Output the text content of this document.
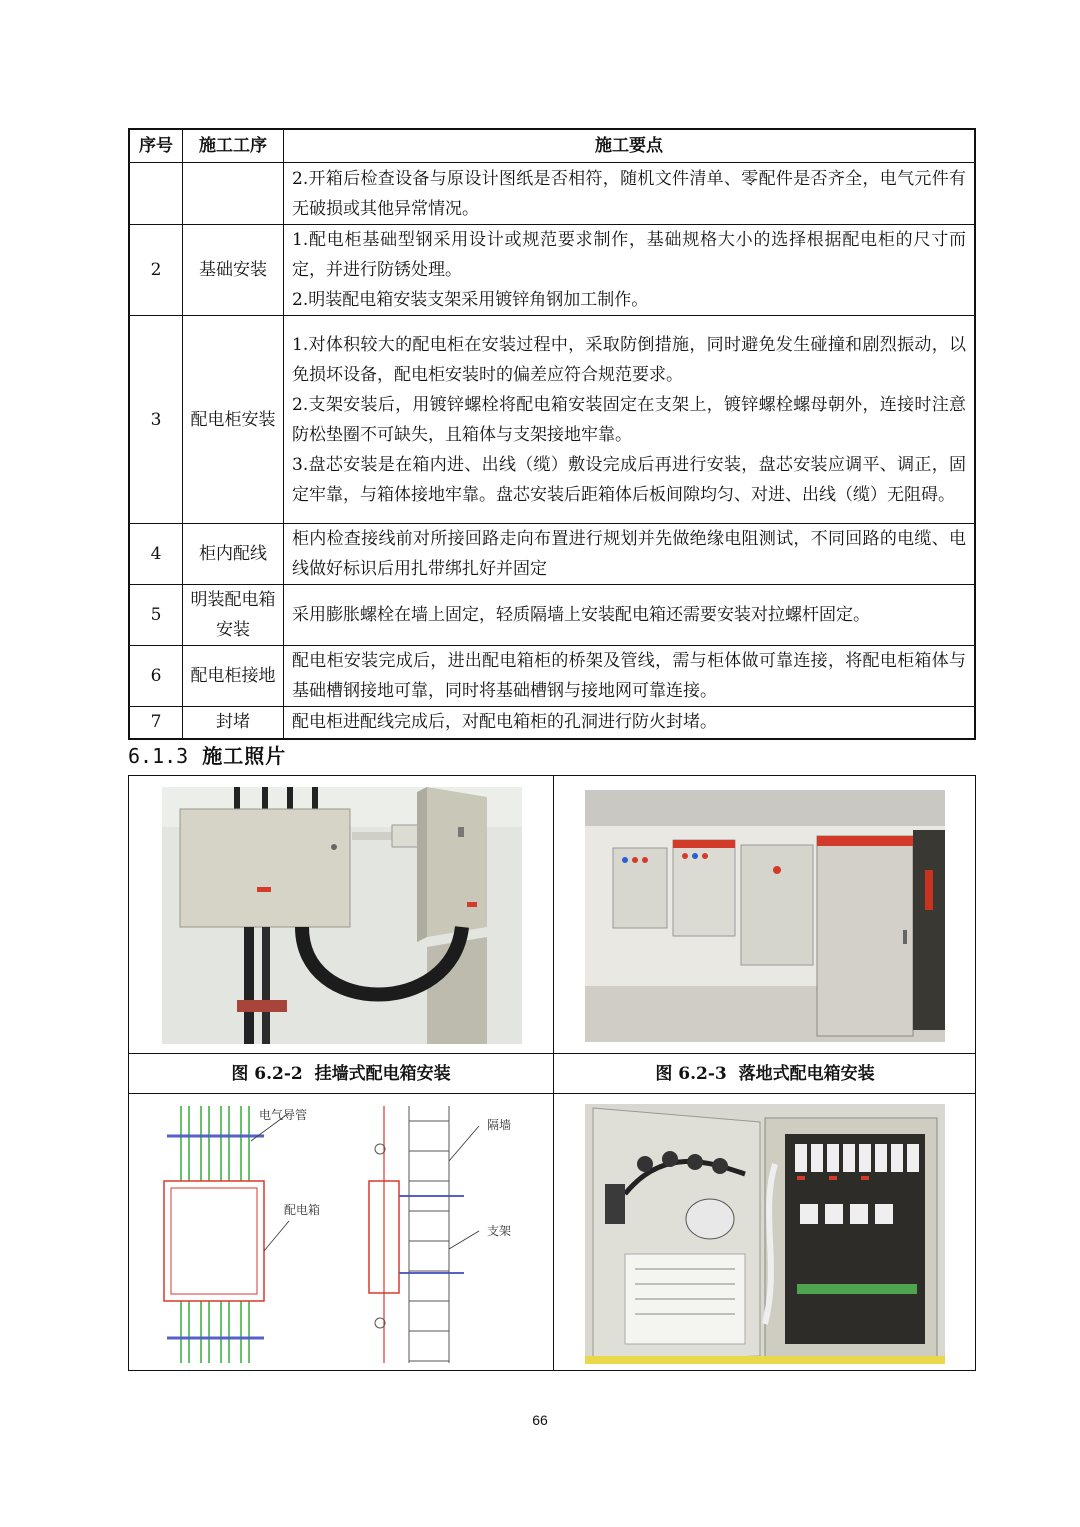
序号	施工工序	施工要点

		2.开箱后检查设备与原设计图纸是否相符，随机文件清单、零配件是否齐全，电气元件有无破损或其他异常情况。

2	基础安装	1.配电柜基础型钢采用设计或规范要求制作，基础规格大小的选择根据配电柜的尺寸而定，并进行防锈处理。
2.明装配电箱安装支架采用镀锌角钢加工制作。

3	配电柜安装	1.对体积较大的配电柜在安装过程中，采取防倒措施，同时避免发生碰撞和剧烈振动，以免损坏设备，配电柜安装时的偏差应符合规范要求。
2.支架安装后，用镀锌螺栓将配电箱安装固定在支架上，镀锌螺栓螺母朝外，连接时注意防松垫圈不可缺失，且箱体与支架接地牢靠。
3.盘芯安装是在箱内进、出线（缆）敷设完成后再进行安装，盘芯安装应调平、调正，固定牢靠，与箱体接地牢靠。盘芯安装后距箱体后板间隙均匀、对进、出线（缆）无阻碍。

4	柜内配线	柜内检查接线前对所接回路走向布置进行规划并先做绝缘电阻测试，不同回路的电缆、电线做好标识后用扎带绑扎好并固定

5	明装配电箱安装	采用膨胀螺栓在墙上固定，轻质隔墙上安装配电箱还需要安装对拉螺杆固定。

6	配电柜接地	配电柜安装完成后，进出配电箱柜的桥架及管线，需与柜体做可靠连接，将配电柜箱体与基础槽钢接地可靠，同时将基础槽钢与接地网可靠连接。

7	封堵	配电柜进配线完成后，对配电箱柜的孔洞进行防火封堵。
6.1.3 施工照片
图 6.2-2 挂墙式配电箱安装	图 6.2-3 落地式配电箱安装
电气导管
配电箱
隔墙
支架
66
